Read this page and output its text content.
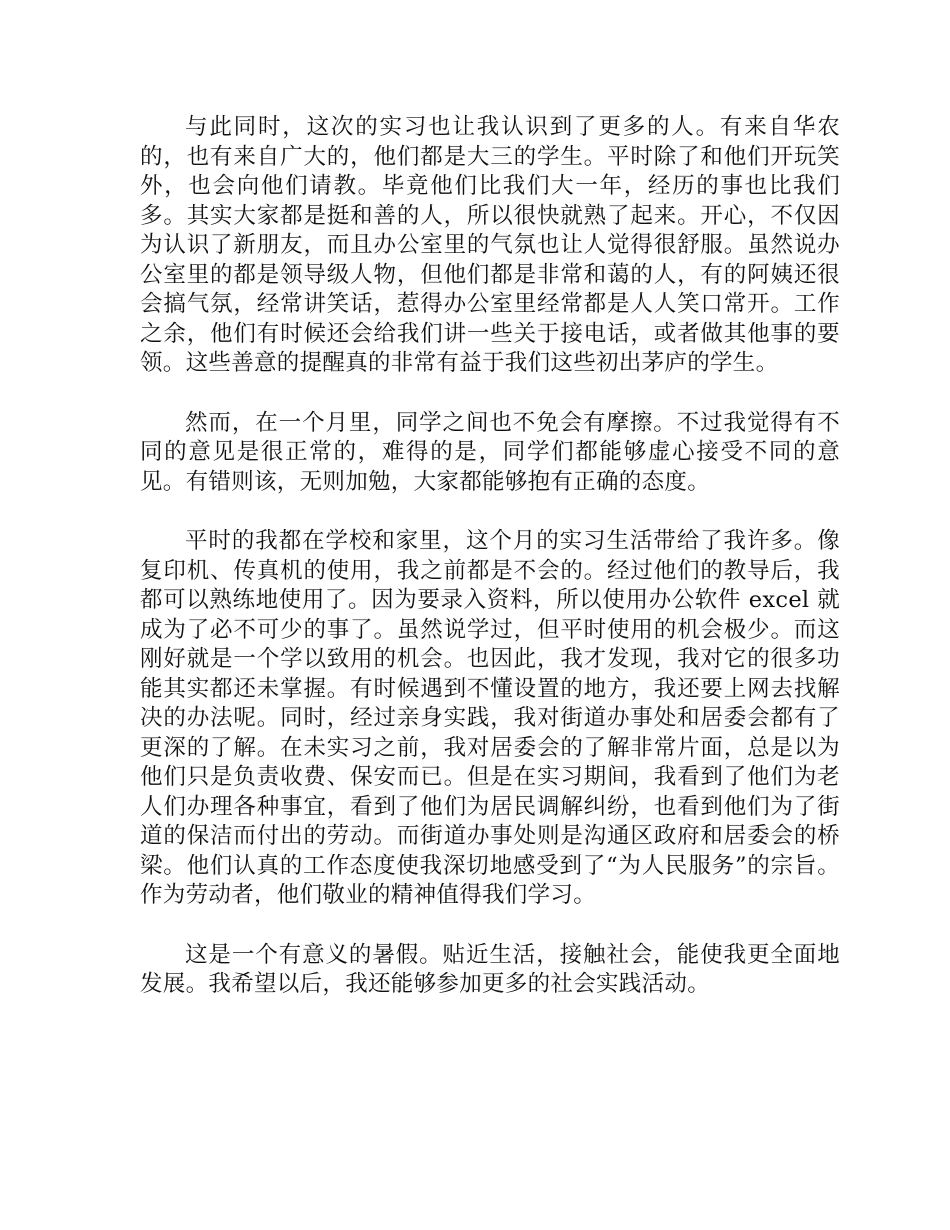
与此同时，这次的实习也让我认识到了更多的人。有来自华农的，也有来自广大的，他们都是大三的学生。平时除了和他们开玩笑外，也会向他们请教。毕竟他们比我们大一年，经历的事也比我们多。其实大家都是挺和善的人，所以很快就熟了起来。开心，不仅因为认识了新朋友，而且办公室里的气氛也让人觉得很舒服。虽然说办公室里的都是领导级人物，但他们都是非常和蔼的人，有的阿姨还很会搞气氛，经常讲笑话，惹得办公室里经常都是人人笑口常开。工作之余，他们有时候还会给我们讲一些关于接电话，或者做其他事的要领。这些善意的提醒真的非常有益于我们这些初出茅庐的学生。

然而，在一个月里，同学之间也不免会有摩擦。不过我觉得有不同的意见是很正常的，难得的是，同学们都能够虚心接受不同的意见。有错则该，无则加勉，大家都能够抱有正确的态度。

平时的我都在学校和家里，这个月的实习生活带给了我许多。像复印机、传真机的使用，我之前都是不会的。经过他们的教导后，我都可以熟练地使用了。因为要录入资料，所以使用办公软件 excel 就成为了必不可少的事了。虽然说学过，但平时使用的机会极少。而这刚好就是一个学以致用的机会。也因此，我才发现，我对它的很多功能其实都还未掌握。有时候遇到不懂设置的地方，我还要上网去找解决的办法呢。同时，经过亲身实践，我对街道办事处和居委会都有了更深的了解。在未实习之前，我对居委会的了解非常片面，总是以为他们只是负责收费、保安而已。但是在实习期间，我看到了他们为老人们办理各种事宜，看到了他们为居民调解纠纷，也看到他们为了街道的保洁而付出的劳动。而街道办事处则是沟通区政府和居委会的桥梁。他们认真的工作态度使我深切地感受到了“为人民服务”的宗旨。作为劳动者，他们敬业的精神值得我们学习。

这是一个有意义的暑假。贴近生活，接触社会，能使我更全面地发展。我希望以后，我还能够参加更多的社会实践活动。
